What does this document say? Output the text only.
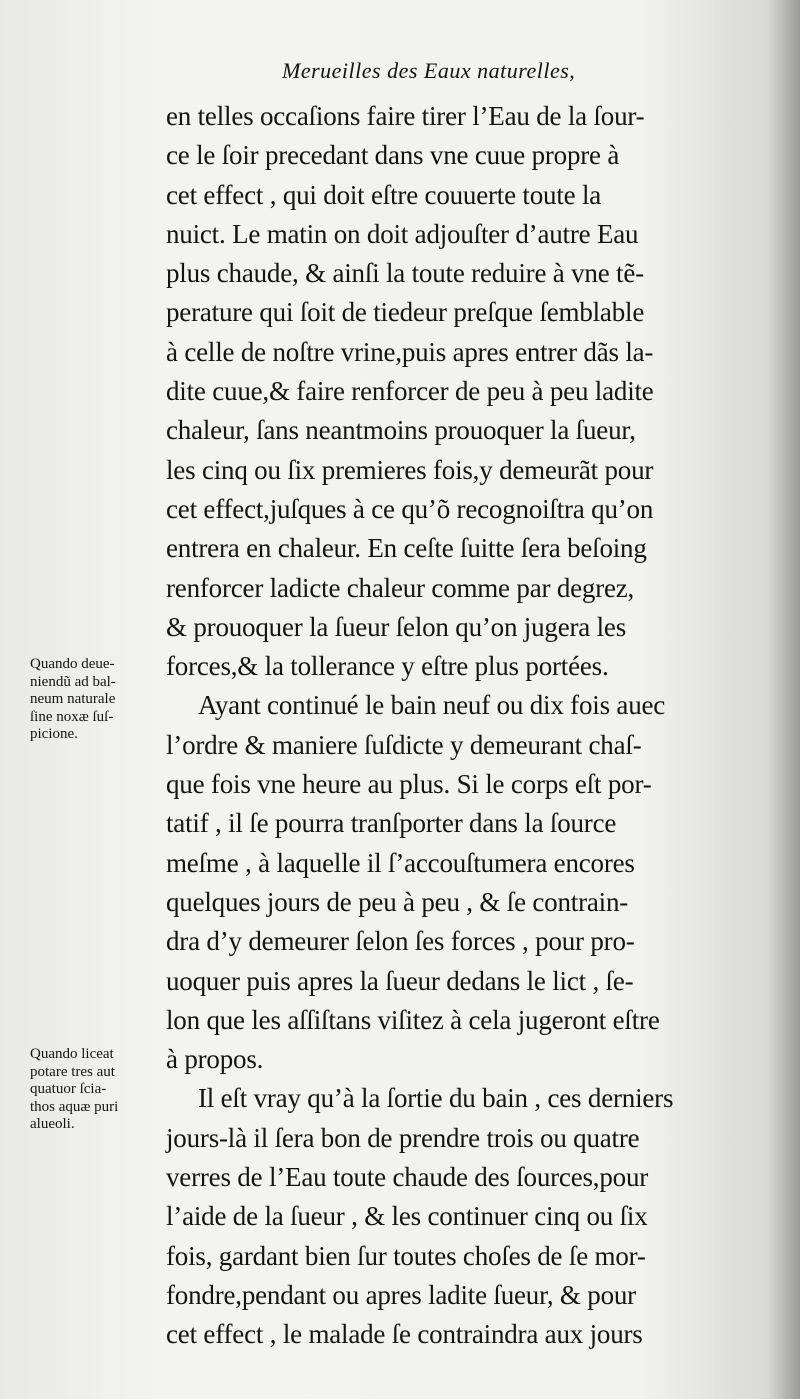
Merueilles des Eaux naturelles,
en telles occaſions faire tirer l’Eau de la ſour-
ce le ſoir precedant dans vne cuue propre à
cet effect , qui doit eſtre couuerte toute la
nuict. Le matin on doit adjouſter d’autre Eau
plus chaude, & ainſi la toute reduire à vne tẽ-
perature qui ſoit de tiedeur preſque ſemblable
à celle de noſtre vrine,puis apres entrer dãs la-
dite cuue,& faire renforcer de peu à peu ladite
chaleur, ſans neantmoins prouoquer la ſueur,
les cinq ou ſix premieres fois,y demeurãt pour
cet effect,juſques à ce qu’õ recognoiſtra qu’on
entrera en chaleur. En ceſte ſuitte ſera beſoing
renforcer ladicte chaleur comme par degrez,
& prouoquer la ſueur ſelon qu’on jugera les
forces,& la tollerance y eſtre plus portées.
Ayant continué le bain neuf ou dix fois auec
l’ordre & maniere ſuſdicte y demeurant chaſ-
que fois vne heure au plus. Si le corps eſt por-
tatif , il ſe pourra tranſporter dans la ſource
meſme , à laquelle il ſ’accouſtumera encores
quelques jours de peu à peu , & ſe contrain-
dra d’y demeurer ſelon ſes forces , pour pro-
uoquer puis apres la ſueur dedans le lict , ſe-
lon que les aſſiſtans viſitez à cela jugeront eſtre
à propos.
Il eſt vray qu’à la ſortie du bain , ces derniers
jours-là il ſera bon de prendre trois ou quatre
verres de l’Eau toute chaude des ſources,pour
l’aide de la ſueur , & les continuer cinq ou ſix
fois, gardant bien ſur toutes choſes de ſe mor-
fondre,pendant ou apres ladite ſueur, & pour
cet effect , le malade ſe contraindra aux jours
Quando deue-
niendũ ad bal-
neum naturale
ſine noxæ ſuſ-
picione.
Quando liceat
potare tres aut
quatuor ſcia-
thos aquæ puri
alueoli.
